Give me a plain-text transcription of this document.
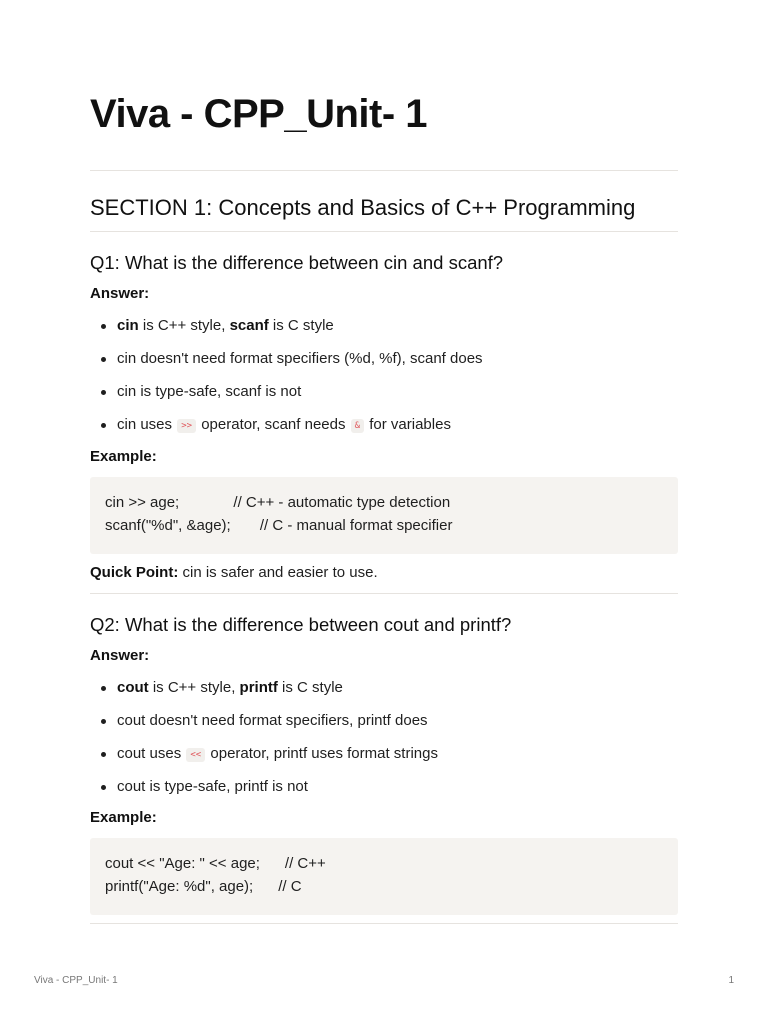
Viva - CPP_Unit- 1
SECTION 1: Concepts and Basics of C++ Programming
Q1: What is the difference between cin and scanf?
Answer:
cin is C++ style, scanf is C style
cin doesn't need format specifiers (%d, %f), scanf does
cin is type-safe, scanf is not
cin uses >> operator, scanf needs & for variables
Example:
cin >> age;             // C++ - automatic type detection
scanf("%d", &age);       // C - manual format specifier
Quick Point: cin is safer and easier to use.
Q2: What is the difference between cout and printf?
Answer:
cout is C++ style, printf is C style
cout doesn't need format specifiers, printf does
cout uses << operator, printf uses format strings
cout is type-safe, printf is not
Example:
cout << "Age: " << age;      // C++
printf("Age: %d", age);      // C
Viva - CPP_Unit- 1	1
